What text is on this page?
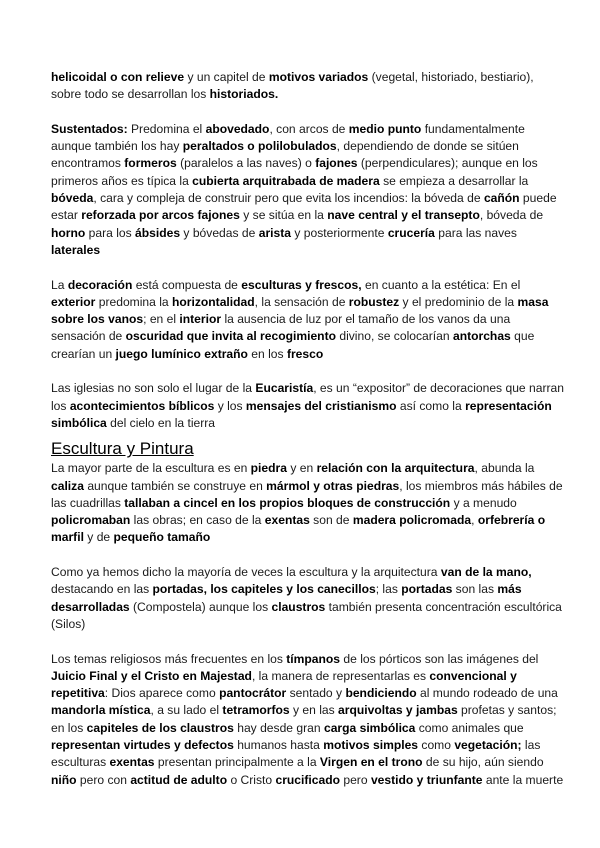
helicoidal o con relieve y un capitel de motivos variados (vegetal, historiado, bestiario), sobre todo se desarrollan los historiados.

Sustentados: Predomina el abovedado, con arcos de medio punto fundamentalmente aunque también los hay peraltados o polilobulados, dependiendo de donde se sitúen encontramos formeros (paralelos a las naves) o fajones (perpendiculares); aunque en los primeros años es típica la cubierta arquitrabada de madera se empieza a desarrollar la bóveda, cara y compleja de construir pero que evita los incendios: la bóveda de cañón puede estar reforzada por arcos fajones y se sitúa en la nave central y el transepto, bóveda de horno para los ábsides y bóvedas de arista y posteriormente crucería para las naves laterales

La decoración está compuesta de esculturas y frescos, en cuanto a la estética: En el exterior predomina la horizontalidad, la sensación de robustez y el predominio de la masa sobre los vanos; en el interior la ausencia de luz por el tamaño de los vanos da una sensación de oscuridad que invita al recogimiento divino, se colocarían antorchas que crearían un juego lumínico extraño en los fresco

Las iglesias no son solo el lugar de la Eucaristía, es un “expositor” de decoraciones que narran los acontecimientos bíblicos y los mensajes del cristianismo así como la representación simbólica del cielo en la tierra

Escultura y Pintura

La mayor parte de la escultura es en piedra y en relación con la arquitectura, abunda la caliza aunque también se construye en mármol y otras piedras, los miembros más hábiles de las cuadrillas tallaban a cincel en los propios bloques de construcción y a menudo policromaban las obras; en caso de la exentas son de madera policromada, orfebrería o marfil y de pequeño tamaño

Como ya hemos dicho la mayoría de veces la escultura y la arquitectura van de la mano, destacando en las portadas, los capiteles y los canecillos; las portadas son las más desarrolladas (Compostela) aunque los claustros también presenta concentración escultórica (Silos)

Los temas religiosos más frecuentes en los tímpanos de los pórticos son las imágenes del Juicio Final y el Cristo en Majestad, la manera de representarlas es convencional y repetitiva: Dios aparece como pantocrátor sentado y bendiciendo al mundo rodeado de una mandorla mística, a su lado el tetramorfos y en las arquivoltas y jambas profetas y santos; en los capiteles de los claustros hay desde gran carga simbólica como animales que representan virtudes y defectos humanos hasta motivos simples como vegetación; las esculturas exentas presentan principalmente a la Virgen en el trono de su hijo, aún siendo niño pero con actitud de adulto o Cristo crucificado pero vestido y triunfante ante la muerte
